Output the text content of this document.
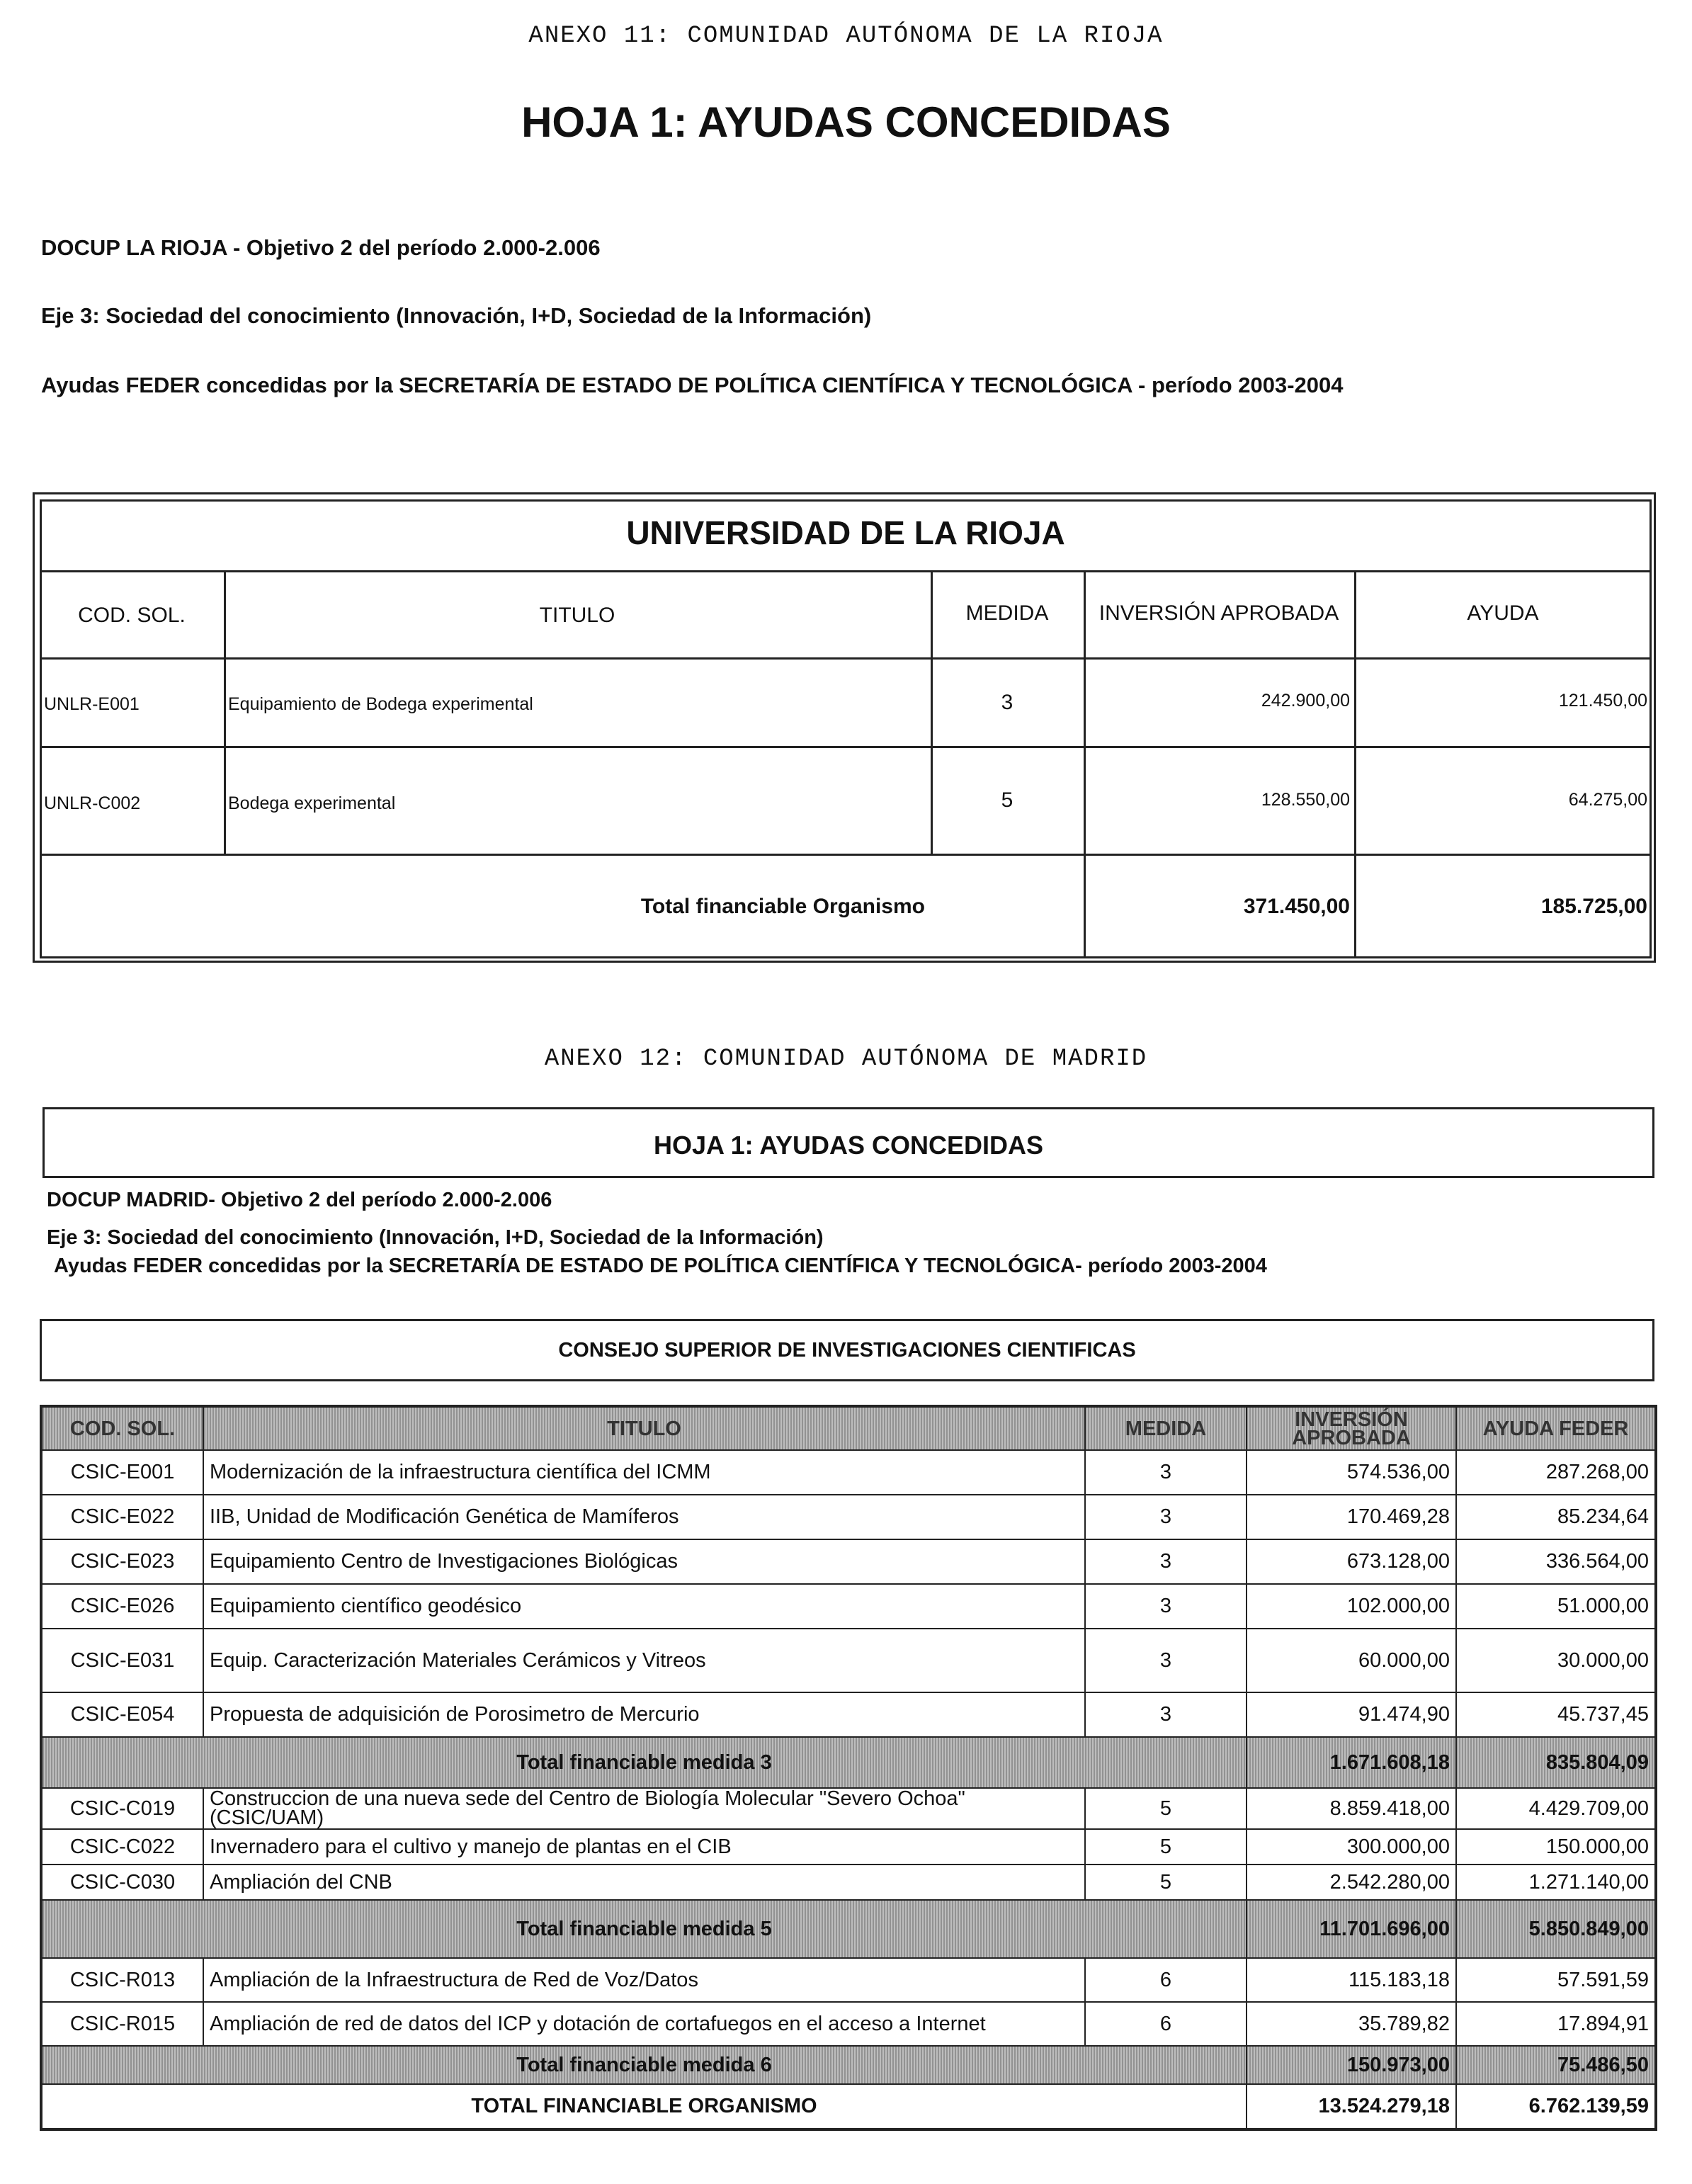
ANEXO 11: COMUNIDAD AUTÓNOMA DE LA RIOJA
HOJA 1: AYUDAS CONCEDIDAS
DOCUP LA RIOJA - Objetivo 2 del período 2.000-2.006
Eje 3: Sociedad del conocimiento (Innovación, I+D, Sociedad de la Información)
Ayudas FEDER concedidas por la SECRETARÍA DE ESTADO DE POLÍTICA CIENTÍFICA Y TECNOLÓGICA - período 2003-2004
UNIVERSIDAD DE LA RIOJA
COD. SOL.	TITULO	MEDIDA	INVERSIÓN APROBADA	AYUDA
UNLR-E001	Equipamiento de Bodega experimental	3	242.900,00	121.450,00
UNLR-C002	Bodega experimental	5	128.550,00	64.275,00
Total financiable Organismo	371.450,00	185.725,00
ANEXO 12: COMUNIDAD AUTÓNOMA DE MADRID
HOJA 1: AYUDAS CONCEDIDAS
DOCUP MADRID- Objetivo 2 del período 2.000-2.006
Eje 3: Sociedad del conocimiento (Innovación, I+D, Sociedad de la Información)
Ayudas FEDER concedidas por la SECRETARÍA DE ESTADO DE POLÍTICA CIENTÍFICA Y TECNOLÓGICA- período 2003-2004
CONSEJO SUPERIOR DE INVESTIGACIONES CIENTIFICAS
COD. SOL.	TITULO	MEDIDA	INVERSIÓN APROBADA	AYUDA FEDER
CSIC-E001	Modernización de la infraestructura científica del ICMM	3	574.536,00	287.268,00
CSIC-E022	IIB, Unidad de Modificación Genética de Mamíferos	3	170.469,28	85.234,64
CSIC-E023	Equipamiento Centro de Investigaciones Biológicas	3	673.128,00	336.564,00
CSIC-E026	Equipamiento científico geodésico	3	102.000,00	51.000,00
CSIC-E031	Equip. Caracterización Materiales Cerámicos y Vitreos	3	60.000,00	30.000,00
CSIC-E054	Propuesta de adquisición de Porosimetro de Mercurio	3	91.474,90	45.737,45
Total financiable medida 3			1.671.608,18	835.804,09
CSIC-C019	Construccion de una nueva sede del Centro de Biología Molecular "Severo Ochoa" (CSIC/UAM)	5	8.859.418,00	4.429.709,00
CSIC-C022	Invernadero para el cultivo y manejo de plantas en el CIB	5	300.000,00	150.000,00
CSIC-C030	Ampliación del CNB	5	2.542.280,00	1.271.140,00
Total financiable medida 5			11.701.696,00	5.850.849,00
CSIC-R013	Ampliación de la Infraestructura de Red de Voz/Datos	6	115.183,18	57.591,59
CSIC-R015	Ampliación de red de datos del ICP y dotación de cortafuegos en el acceso a Internet	6	35.789,82	17.894,91
Total financiable medida 6			150.973,00	75.486,50
TOTAL FINANCIABLE ORGANISMO			13.524.279,18	6.762.139,59
